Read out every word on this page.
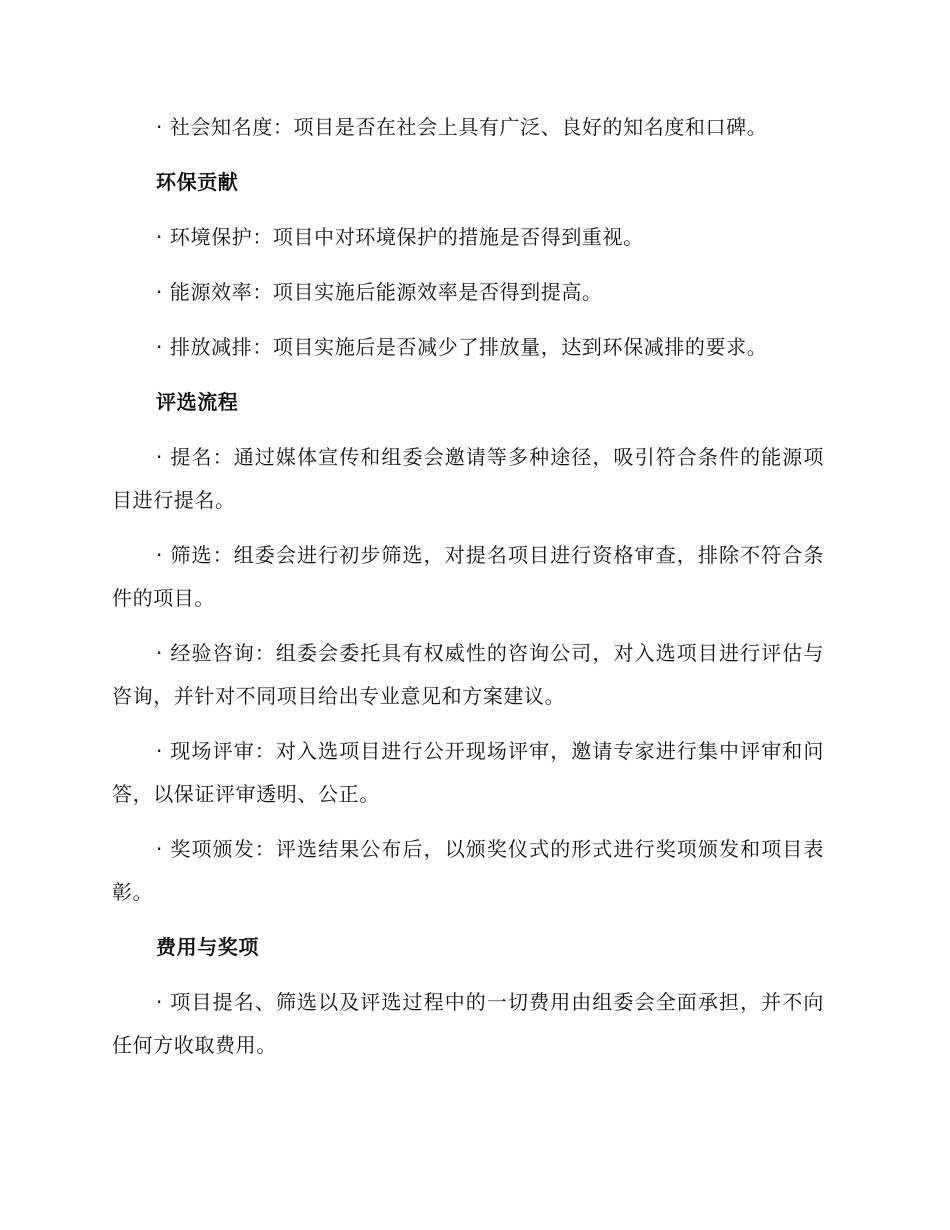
· 社会知名度：项目是否在社会上具有广泛、良好的知名度和口碑。

环保贡献

· 环境保护：项目中对环境保护的措施是否得到重视。

· 能源效率：项目实施后能源效率是否得到提高。

· 排放减排：项目实施后是否减少了排放量，达到环保减排的要求。

评选流程

· 提名：通过媒体宣传和组委会邀请等多种途径，吸引符合条件的能源项目进行提名。

· 筛选：组委会进行初步筛选，对提名项目进行资格审查，排除不符合条件的项目。

· 经验咨询：组委会委托具有权威性的咨询公司，对入选项目进行评估与咨询，并针对不同项目给出专业意见和方案建议。

· 现场评审：对入选项目进行公开现场评审，邀请专家进行集中评审和问答，以保证评审透明、公正。

· 奖项颁发：评选结果公布后，以颁奖仪式的形式进行奖项颁发和项目表彰。

费用与奖项

· 项目提名、筛选以及评选过程中的一切费用由组委会全面承担，并不向任何方收取费用。
